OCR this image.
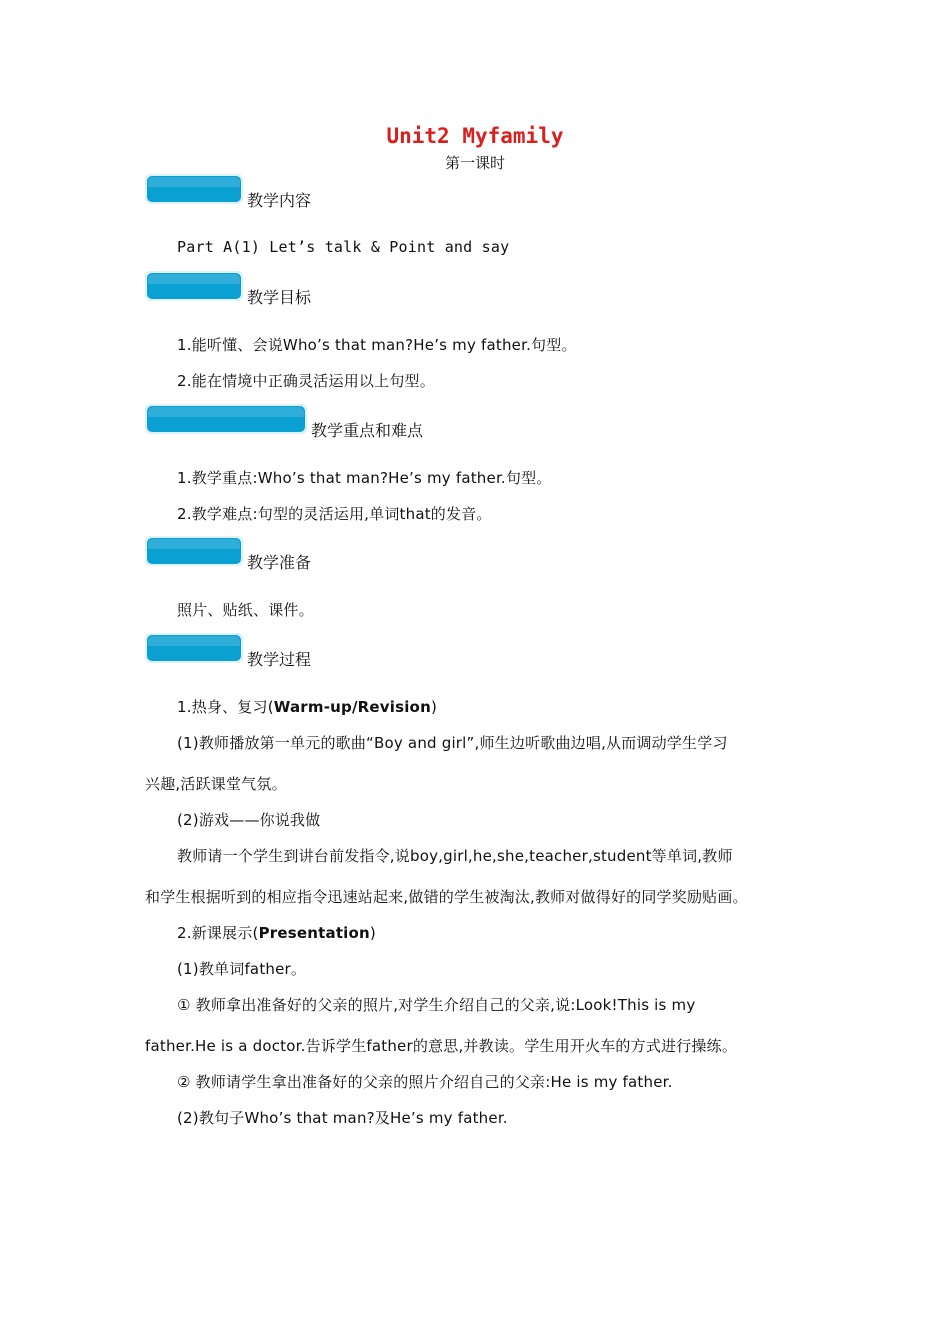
Unit2 Myfamily
第一课时
教学内容
Part A(1) Let’s talk & Point and say
教学目标
1.能听懂、会说Who’s that man?He’s my father.句型。
2.能在情境中正确灵活运用以上句型。
教学重点和难点
1.教学重点:Who’s that man?He’s my father.句型。
2.教学难点:句型的灵活运用,单词that的发音。
教学准备
照片、贴纸、课件。
教学过程
1.热身、复习(Warm-up/Revision)
(1)教师播放第一单元的歌曲“Boy and girl”,师生边听歌曲边唱,从而调动学生学习
兴趣,活跃课堂气氛。
(2)游戏——你说我做
教师请一个学生到讲台前发指令,说boy,girl,he,she,teacher,student等单词,教师
和学生根据听到的相应指令迅速站起来,做错的学生被淘汰,教师对做得好的同学奖励贴画。
2.新课展示(Presentation)
(1)教单词father。
① 教师拿出准备好的父亲的照片,对学生介绍自己的父亲,说:Look!This is my
father.He is a doctor.告诉学生father的意思,并教读。学生用开火车的方式进行操练。
② 教师请学生拿出准备好的父亲的照片介绍自己的父亲:He is my father.
(2)教句子Who’s that man?及He’s my father.
